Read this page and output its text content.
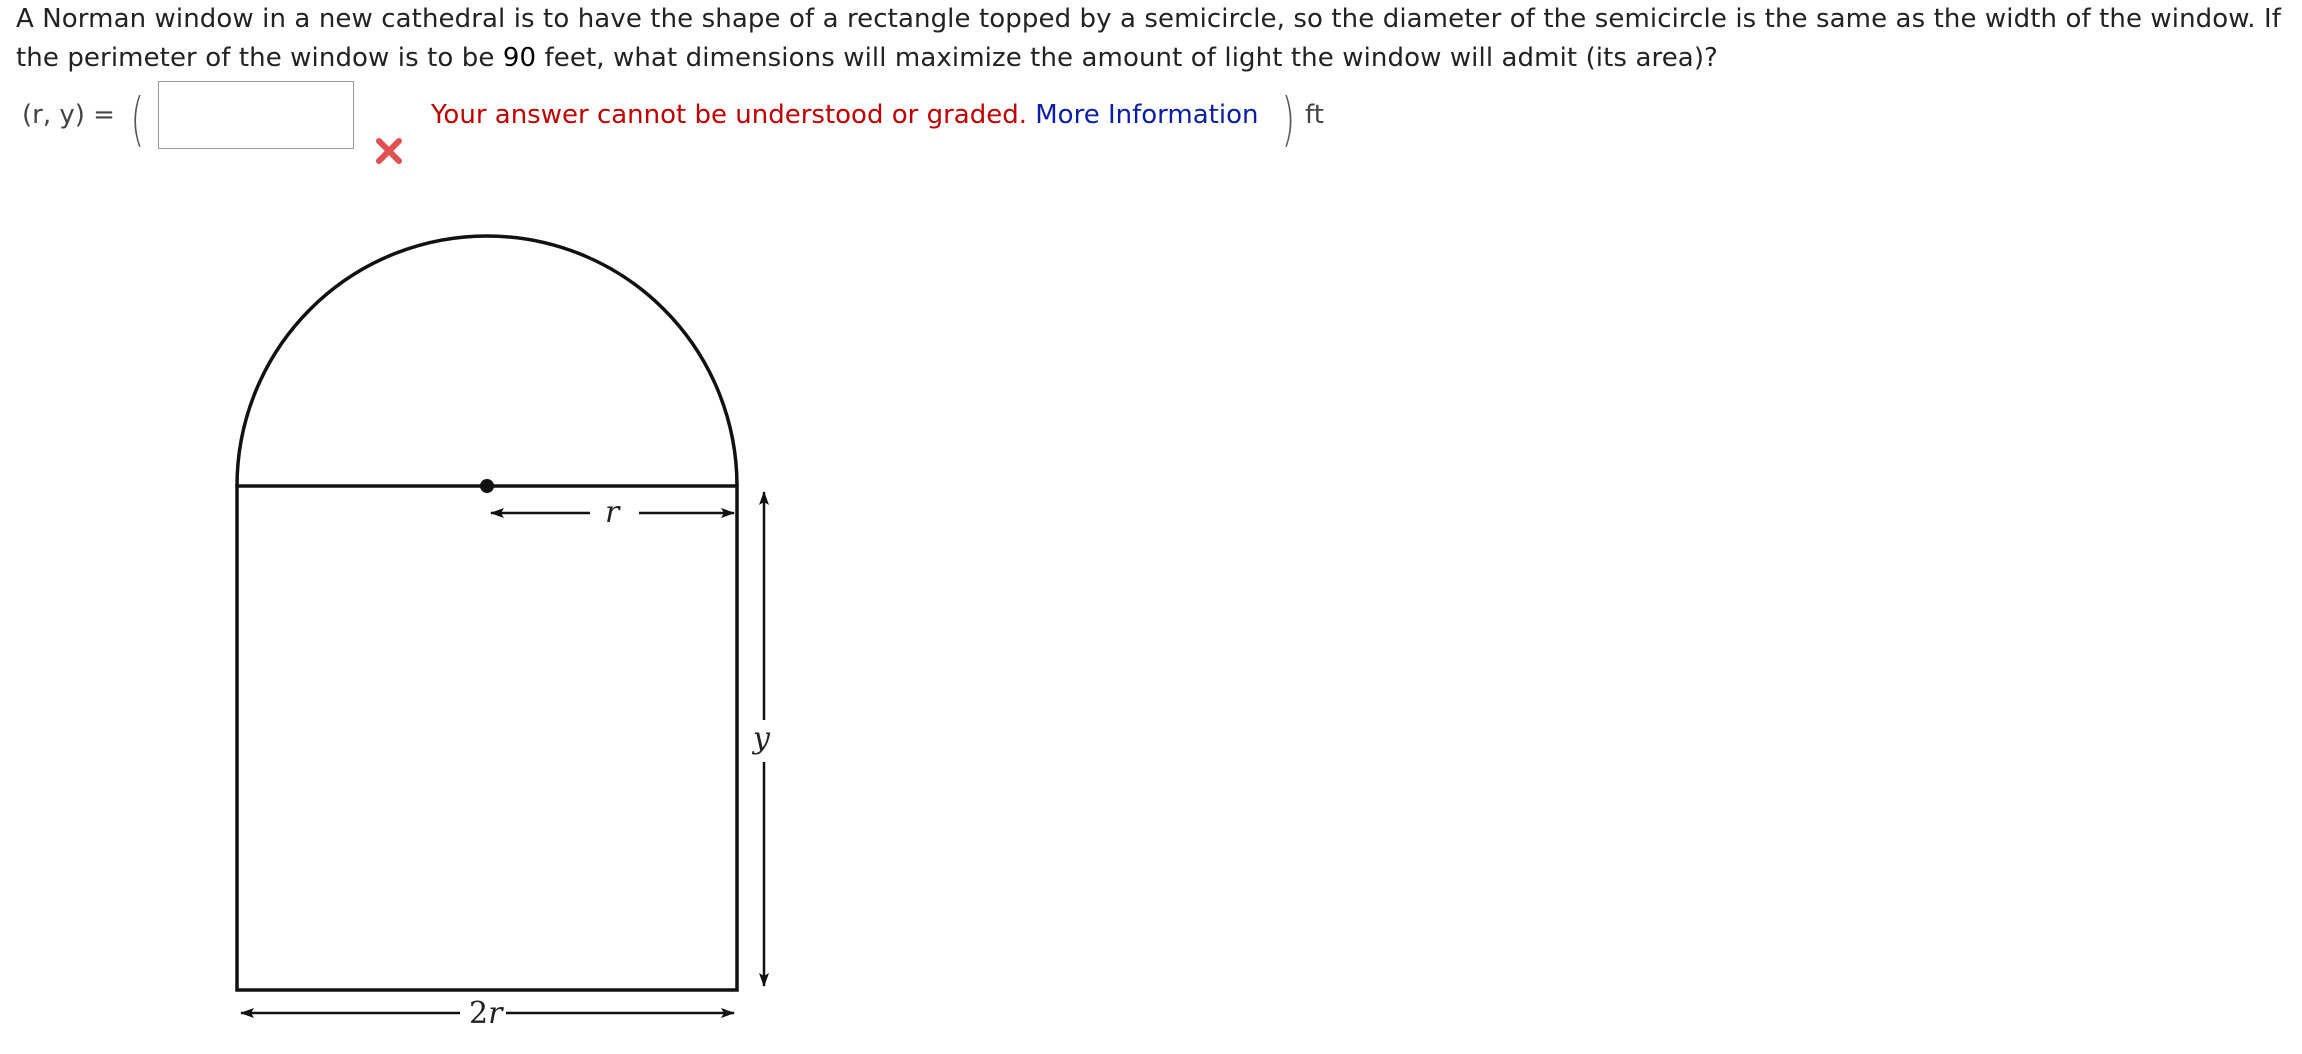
A Norman window in a new cathedral is to have the shape of a rectangle topped by a semicircle, so the diameter of the semicircle is the same as the width of the window. If the perimeter of the window is to be 90 feet, what dimensions will maximize the amount of light the window will admit (its area)?
(r, y) = (	Your answer cannot be understood or graded. More Information ) ft
r
y
2r
